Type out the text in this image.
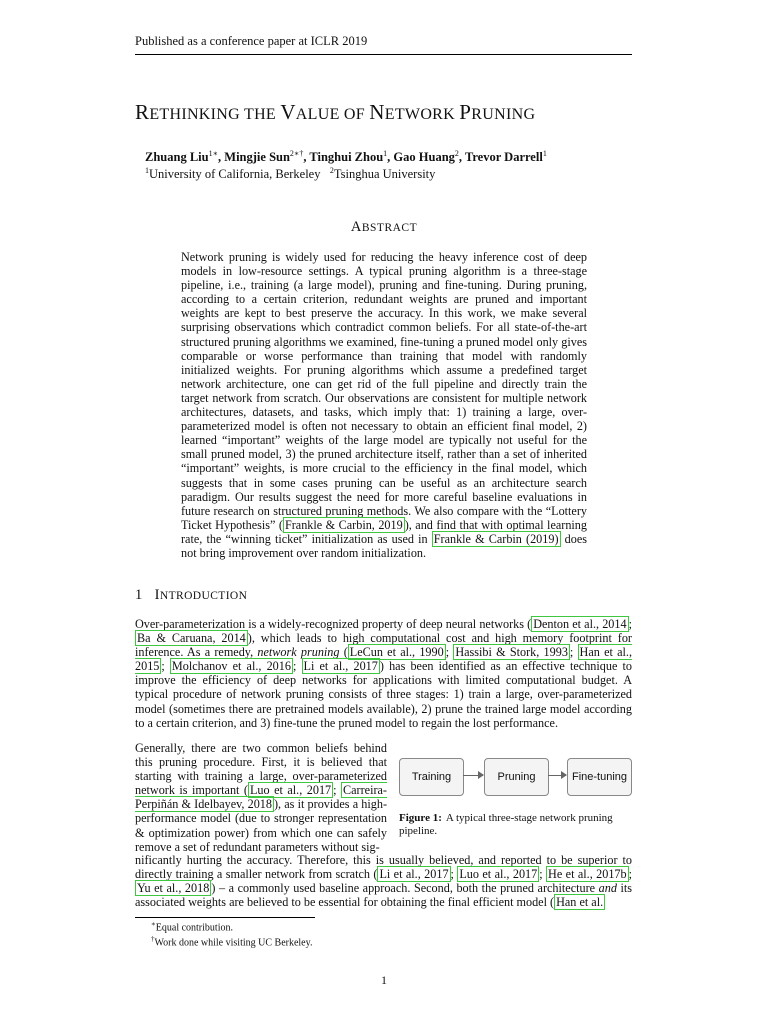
Published as a conference paper at ICLR 2019
RETHINKING THE VALUE OF NETWORK PRUNING
Zhuang Liu$^{1∗}$, Mingjie Sun$^{2∗\dagger}$, Tinghui Zhou$^1$, Gao Huang$^2$, Trevor Darrell$^1$
$^1$University of California, Berkeley $^2$Tsinghua University
ABSTRACT
Network pruning is widely used for reducing the heavy inference cost of deep models in low-resource settings. A typical pruning algorithm is a three-stage pipeline, i.e., training (a large model), pruning and fine-tuning. During pruning, according to a certain criterion, redundant weights are pruned and important weights are kept to best preserve the accuracy. In this work, we make several surprising observations which contradict common beliefs. For all state-of-the-art structured pruning algorithms we examined, fine-tuning a pruned model only gives comparable or worse performance than training that model with randomly initialized weights. For pruning algorithms which assume a predefined target network architecture, one can get rid of the full pipeline and directly train the target network from scratch. Our observations are consistent for multiple network architectures, datasets, and tasks, which imply that: 1) training a large, over-parameterized model is often not necessary to obtain an efficient final model, 2) learned “important” weights of the large model are typically not useful for the small pruned model, 3) the pruned architecture itself, rather than a set of inherited “important” weights, is more crucial to the efficiency in the final model, which suggests that in some cases pruning can be useful as an architecture search paradigm. Our results suggest the need for more careful baseline evaluations in future research on structured pruning methods. We also compare with the “Lottery Ticket Hypothesis” ( Frankle & Carbin, 2019 ), and find that with optimal learning rate, the “winning ticket” initialization as used in Frankle & Carbin (2019) does not bring improvement over random initialization.
1 INTRODUCTION
Over-parameterization is a widely-recognized property of deep neural networks ( Denton et al., 2014 ; Ba & Caruana, 2014 ), which leads to high computational cost and high memory footprint for inference. As a remedy, network pruning ( LeCun et al., 1990 ; Hassibi & Stork, 1993 ; Han et al., 2015 ; Molchanov et al., 2016 ; Li et al., 2017 ) has been identified as an effective technique to improve the efficiency of deep networks for applications with limited computational budget. A typical procedure of network pruning consists of three stages: 1) train a large, over-parameterized model (sometimes there are pretrained models available), 2) prune the trained large model according to a certain criterion, and 3) fine-tune the pruned model to regain the lost performance.
Generally, there are two common beliefs behind this pruning procedure. First, it is believed that starting with training a large, over-parameterized network is important ( Luo et al., 2017 ; Carreira-Perpiñán & Idelbayev, 2018 ), as it provides a high-performance model (due to stronger representation & optimization power) from which one can safely remove a set of redundant parameters without sig-
Training	Pruning	Fine-tuning
Figure 1: A typical three-stage network pruning pipeline.
nificantly hurting the accuracy. Therefore, this is usually believed, and reported to be superior to directly training a smaller network from scratch ( Li et al., 2017 ; Luo et al., 2017 ; He et al., 2017b ; Yu et al., 2018 ) – a commonly used baseline approach. Second, both the pruned architecture and its associated weights are believed to be essential for obtaining the final efficient model ( Han et al.
∗Equal contribution.
†Work done while visiting UC Berkeley.
1
